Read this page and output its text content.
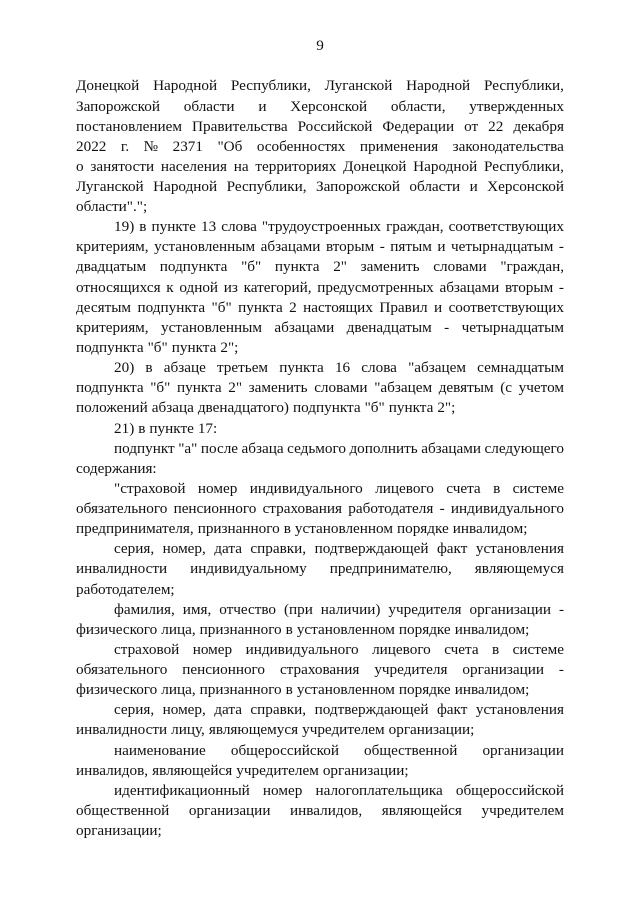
9
Донецкой Народной Республики, Луганской Народной Республики,
Запорожской области и Херсонской области, утвержденных
постановлением Правительства Российской Федерации от 22 декабря
2022 г. № 2371 "Об особенностях применения законодательства
о занятости населения на территориях Донецкой Народной Республики,
Луганской Народной Республики, Запорожской области и Херсонской
области".";
19) в пункте 13 слова "трудоустроенных граждан, соответствующих
критериям, установленным абзацами вторым - пятым и четырнадцатым -
двадцатым подпункта "б" пункта 2" заменить словами "граждан,
относящихся к одной из категорий, предусмотренных абзацами вторым -
десятым подпункта "б" пункта 2 настоящих Правил и соответствующих
критериям, установленным абзацами двенадцатым - четырнадцатым
подпункта "б" пункта 2";
20) в абзаце третьем пункта 16 слова "абзацем семнадцатым
подпункта "б" пункта 2" заменить словами "абзацем девятым (с учетом
положений абзаца двенадцатого) подпункта "б" пункта 2";
21) в пункте 17:
подпункт "а" после абзаца седьмого дополнить абзацами следующего
содержания:
"страховой номер индивидуального лицевого счета в системе
обязательного пенсионного страхования работодателя - индивидуального
предпринимателя, признанного в установленном порядке инвалидом;
серия, номер, дата справки, подтверждающей факт установления
инвалидности индивидуальному предпринимателю, являющемуся
работодателем;
фамилия, имя, отчество (при наличии) учредителя организации -
физического лица, признанного в установленном порядке инвалидом;
страховой номер индивидуального лицевого счета в системе
обязательного пенсионного страхования учредителя организации -
физического лица, признанного в установленном порядке инвалидом;
серия, номер, дата справки, подтверждающей факт установления
инвалидности лицу, являющемуся учредителем организации;
наименование общероссийской общественной организации
инвалидов, являющейся учредителем организации;
идентификационный номер налогоплательщика общероссийской
общественной организации инвалидов, являющейся учредителем
организации;
